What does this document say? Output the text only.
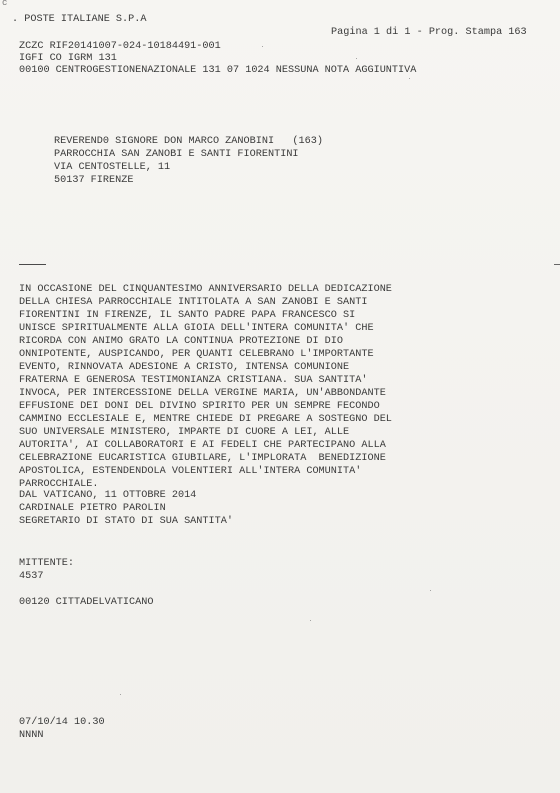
c
. POSTE ITALIANE S.P.A
Pagina 1 di 1 - Prog. Stampa 163
ZCZC RIF20141007-024-10184491-001
IGFI CO IGRM 131
00100 CENTROGESTIONENAZIONALE 131 07 1024 NESSUNA NOTA AGGIUNTIVA
REVEREND0 SIGNORE DON MARCO ZANOBINI   (163)
PARROCCHIA SAN ZANOBI E SANTI FIORENTINI
VIA CENTOSTELLE, 11
50137 FIRENZE
IN OCCASIONE DEL CINQUANTESIMO ANNIVERSARIO DELLA DEDICAZIONE
DELLA CHIESA PARROCCHIALE INTITOLATA A SAN ZANOBI E SANTI
FIORENTINI IN FIRENZE, IL SANTO PADRE PAPA FRANCESCO SI
UNISCE SPIRITUALMENTE ALLA GIOIA DELL'INTERA COMUNITA' CHE
RICORDA CON ANIMO GRATO LA CONTINUA PROTEZIONE DI DIO
ONNIPOTENTE, AUSPICANDO, PER QUANTI CELEBRANO L'IMPORTANTE
EVENTO, RINNOVATA ADESIONE A CRISTO, INTENSA COMUNIONE
FRATERNA E GENEROSA TESTIMONIANZA CRISTIANA. SUA SANTITA'
INVOCA, PER INTERCESSIONE DELLA VERGINE MARIA, UN'ABBONDANTE
EFFUSIONE DEI DONI DEL DIVINO SPIRITO PER UN SEMPRE FECONDO
CAMMINO ECCLESIALE E, MENTRE CHIEDE DI PREGARE A SOSTEGNO DEL
SUO UNIVERSALE MINISTERO, IMPARTE DI CUORE A LEI, ALLE
AUTORITA', AI COLLABORATORI E AI FEDELI CHE PARTECIPANO ALLA
CELEBRAZIONE EUCARISTICA GIUBILARE, L'IMPLORATA  BENEDIZIONE
APOSTOLICA, ESTENDENDOLA VOLENTIERI ALL'INTERA COMUNITA'
PARROCCHIALE.
DAL VATICANO, 11 OTTOBRE 2014
CARDINALE PIETRO PAROLIN
SEGRETARIO DI STATO DI SUA SANTITA'
MITTENTE:
4537
00120 CITTADELVATICANO
07/10/14 10.30
NNNN
